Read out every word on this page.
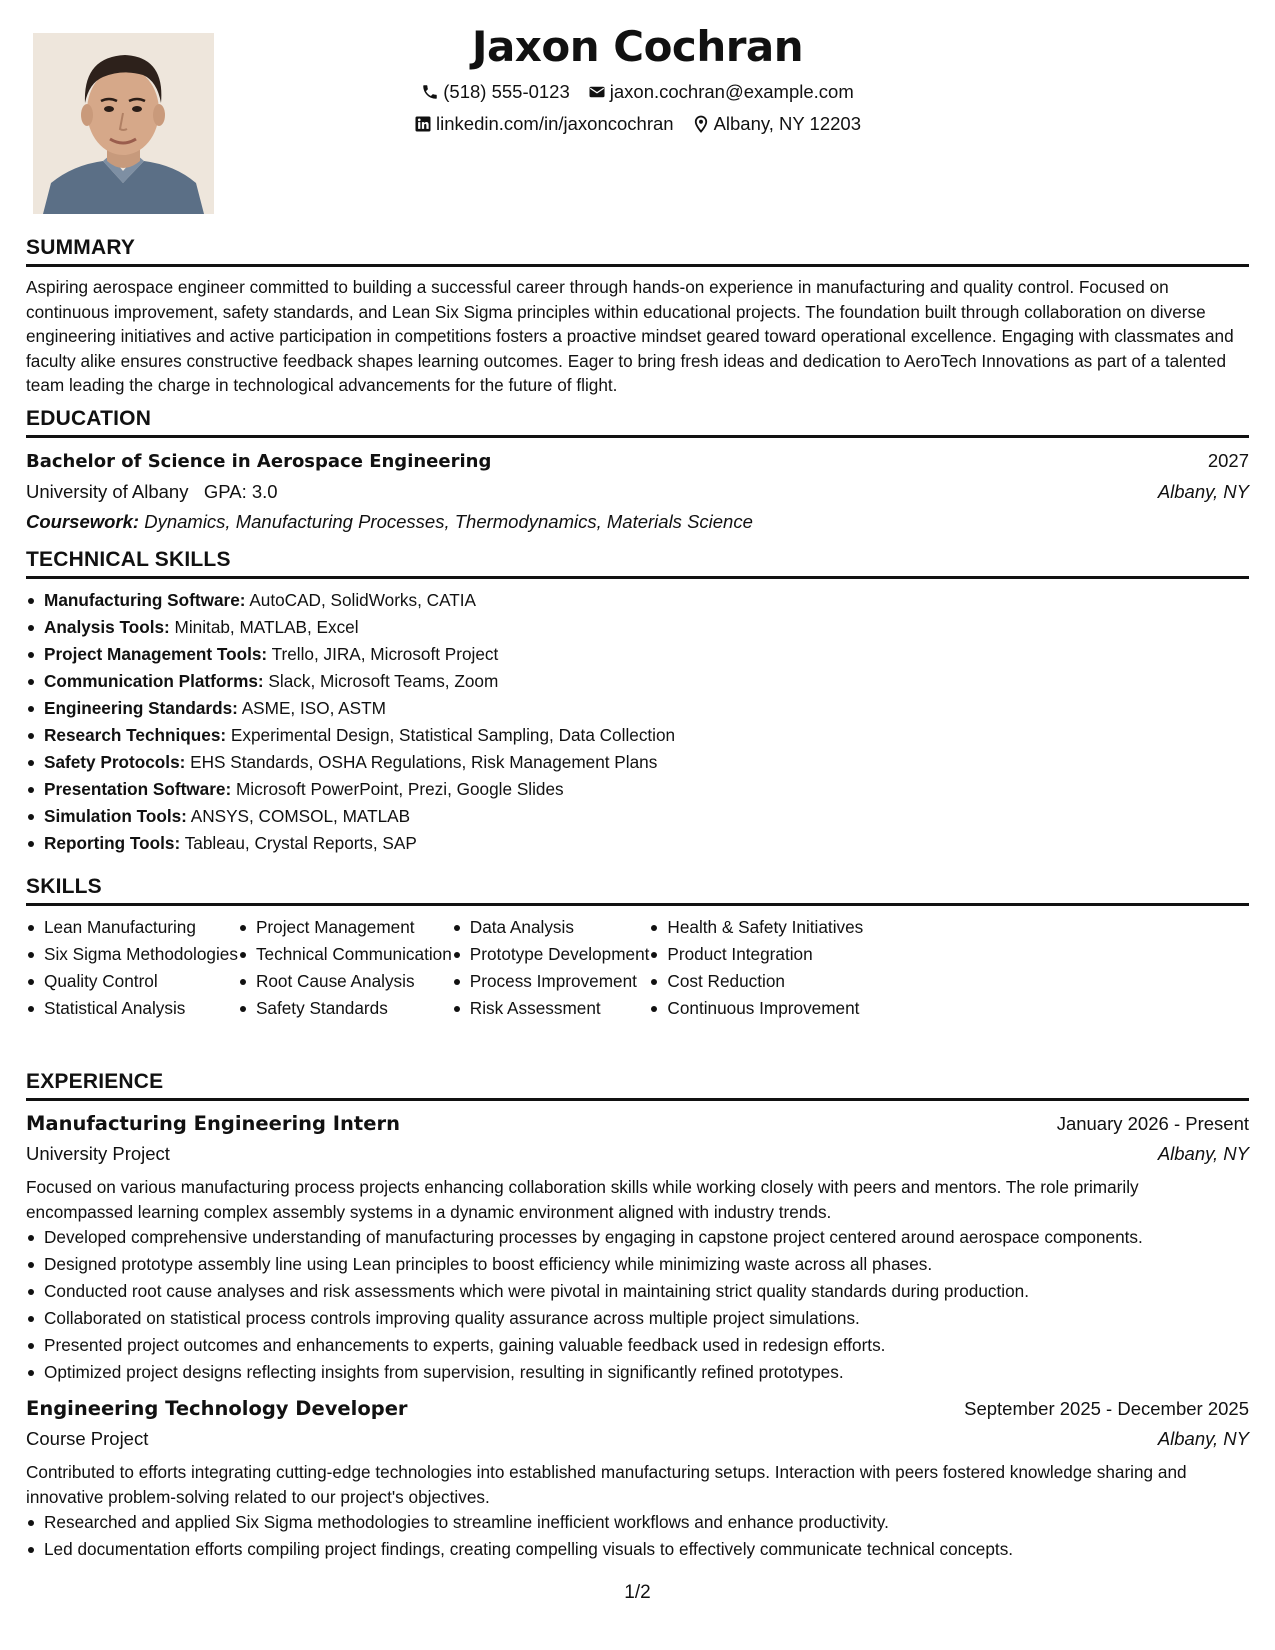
Jaxon Cochran
(518) 555-0123 jaxon.cochran@example.com
linkedin.com/in/jaxoncochran Albany, NY 12203
SUMMARY

Aspiring aerospace engineer committed to building a successful career through hands-on experience in manufacturing and quality control. Focused on continuous improvement, safety standards, and Lean Six Sigma principles within educational projects. The foundation built through collaboration on diverse engineering initiatives and active participation in competitions fosters a proactive mindset geared toward operational excellence. Engaging with classmates and faculty alike ensures constructive feedback shapes learning outcomes. Eager to bring fresh ideas and dedication to AeroTech Innovations as part of a talented team leading the charge in technological advancements for the future of flight.

EDUCATION
Bachelor of Science in Aerospace Engineering	2027
University of Albany GPA: 3.0	Albany, NY
Coursework: Dynamics, Manufacturing Processes, Thermodynamics, Materials Science
TECHNICAL SKILLS
Manufacturing Software: AutoCAD, SolidWorks, CATIA
Analysis Tools: Minitab, MATLAB, Excel
Project Management Tools: Trello, JIRA, Microsoft Project
Communication Platforms: Slack, Microsoft Teams, Zoom
Engineering Standards: ASME, ISO, ASTM
Research Techniques: Experimental Design, Statistical Sampling, Data Collection
Safety Protocols: EHS Standards, OSHA Regulations, Risk Management Plans
Presentation Software: Microsoft PowerPoint, Prezi, Google Slides
Simulation Tools: ANSYS, COMSOL, MATLAB
Reporting Tools: Tableau, Crystal Reports, SAP
SKILLS
Lean Manufacturing
Six Sigma Methodologies
Quality Control
Statistical Analysis
Project Management
Technical Communication
Root Cause Analysis
Safety Standards
Data Analysis
Prototype Development
Process Improvement
Risk Assessment
Health & Safety Initiatives
Product Integration
Cost Reduction
Continuous Improvement
EXPERIENCE
Manufacturing Engineering Intern	January 2026 - Present
University Project	Albany, NY

Focused on various manufacturing process projects enhancing collaboration skills while working closely with peers and mentors. The role primarily encompassed learning complex assembly systems in a dynamic environment aligned with industry trends.

Developed comprehensive understanding of manufacturing processes by engaging in capstone project centered around aerospace components.
Designed prototype assembly line using Lean principles to boost efficiency while minimizing waste across all phases.
Conducted root cause analyses and risk assessments which were pivotal in maintaining strict quality standards during production.
Collaborated on statistical process controls improving quality assurance across multiple project simulations.
Presented project outcomes and enhancements to experts, gaining valuable feedback used in redesign efforts.
Optimized project designs reflecting insights from supervision, resulting in significantly refined prototypes.
Engineering Technology Developer	September 2025 - December 2025
Course Project	Albany, NY

Contributed to efforts integrating cutting-edge technologies into established manufacturing setups. Interaction with peers fostered knowledge sharing and innovative problem-solving related to our project's objectives.

Researched and applied Six Sigma methodologies to streamline inefficient workflows and enhance productivity.
Led documentation efforts compiling project findings, creating compelling visuals to effectively communicate technical concepts.
1/2
